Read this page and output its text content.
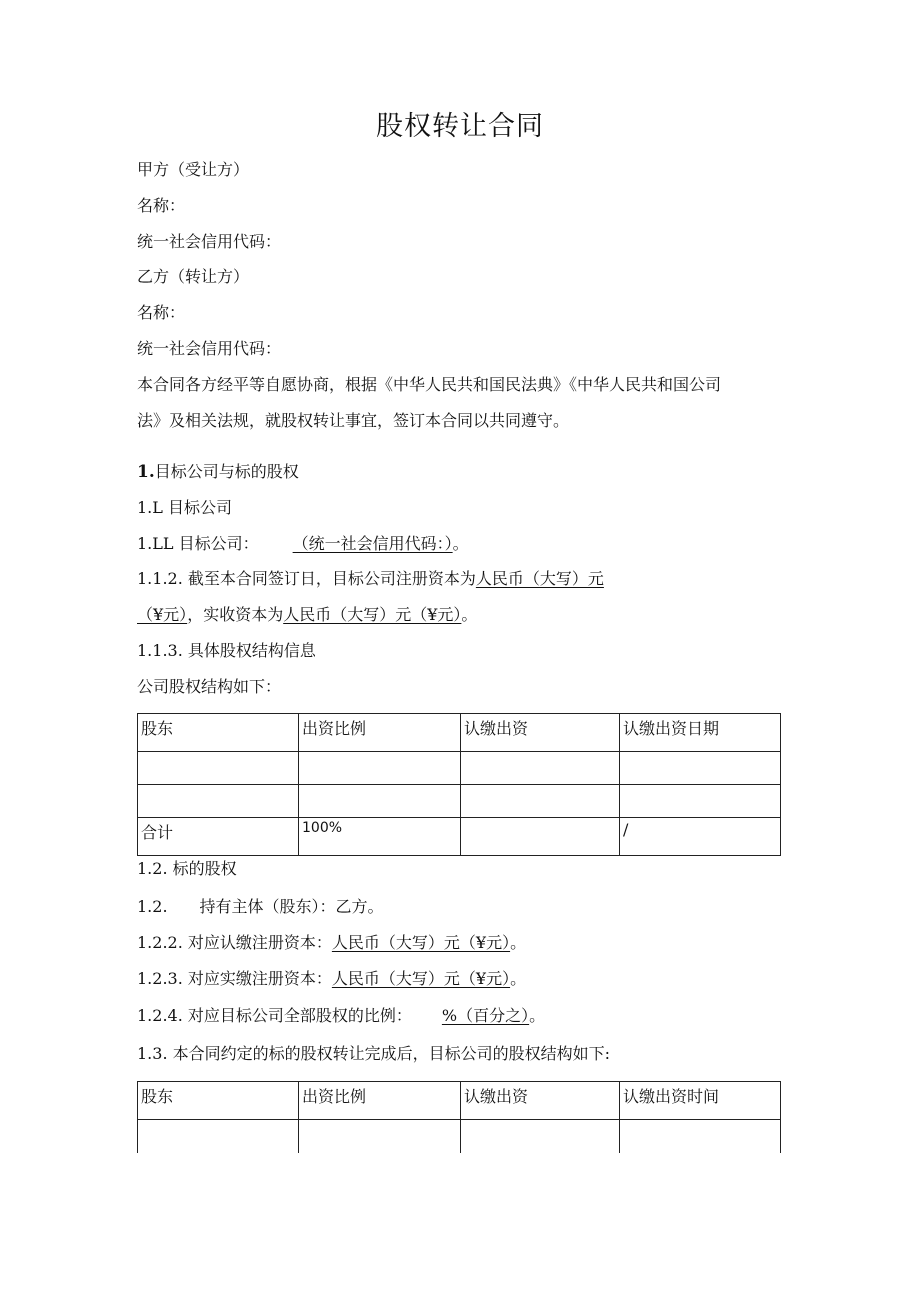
股权转让合同
甲方（受让方）
名称：
统一社会信用代码：
乙方（转让方）
名称：
统一社会信用代码：
本合同各方经平等自愿协商，根据《中华人民共和国民法典》《中华人民共和国公司
法》及相关法规，就股权转让事宜，签订本合同以共同遵守。
1.目标公司与标的股权
1.L 目标公司
1.LL 目标公司： （统一社会信用代码：）。
1.1.2. 截至本合同签订日，目标公司注册资本为人民币（大写）元
（¥元），实收资本为人民币（大写）元（¥元）。
1.1.3. 具体股权结构信息
公司股权结构如下：
股东	出资比例	认缴出资	认缴出资日期

合计	100%		/
1.2. 标的股权
1.2. 持有主体（股东）：乙方。
1.2.2. 对应认缴注册资本：人民币（大写）元（¥元）。
1.2.3. 对应实缴注册资本：人民币（大写）元（¥元）。
1.2.4. 对应目标公司全部股权的比例： %（百分之）。
1.3. 本合同约定的标的股权转让完成后，目标公司的股权结构如下:
股东	出资比例	认缴出资	认缴出资时间
